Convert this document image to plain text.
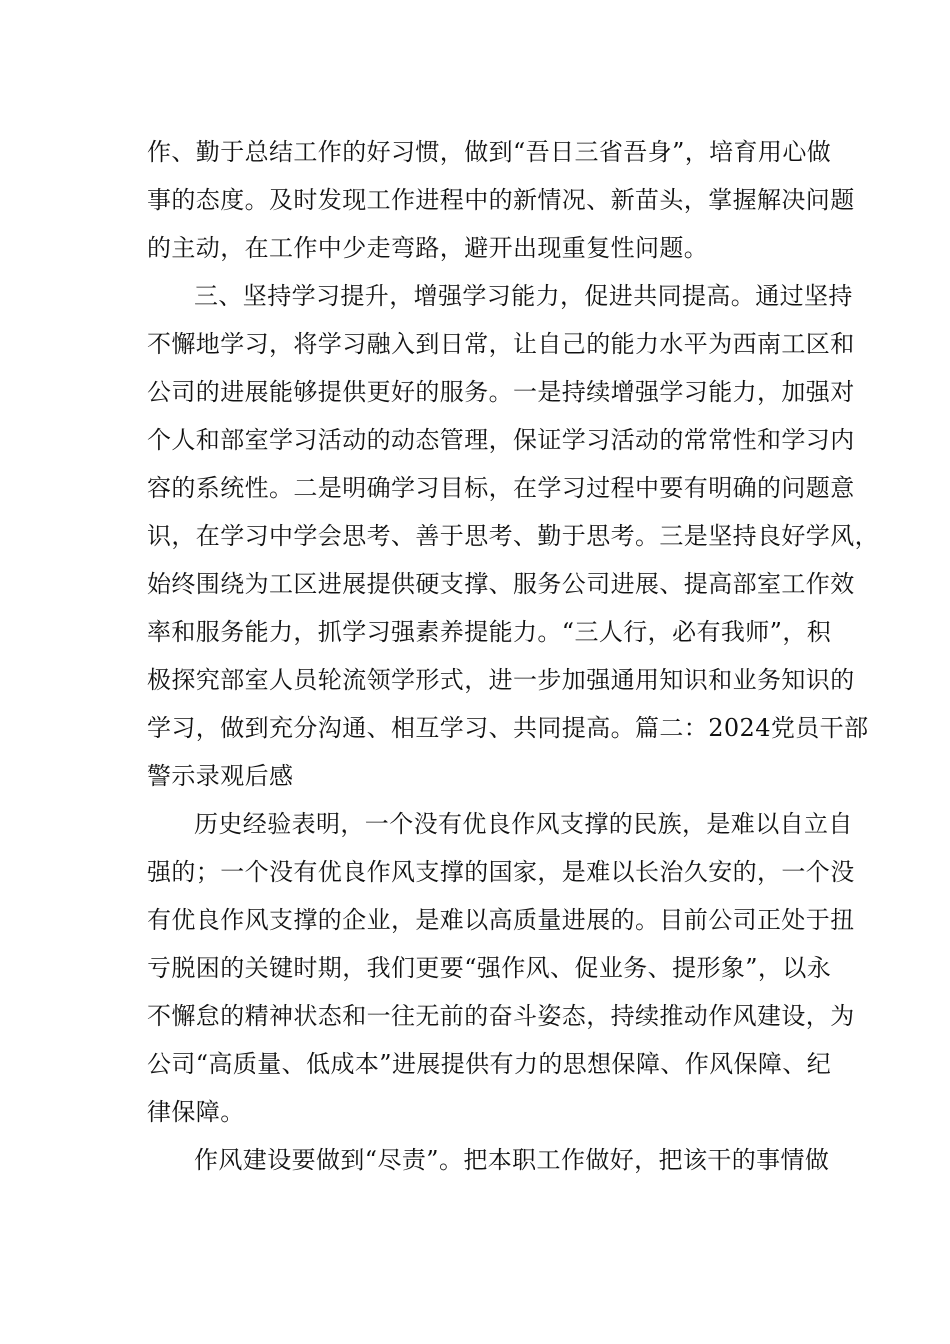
作、勤于总结工作的好习惯，做到“吾日三省吾身”，培育用心做
事的态度。及时发现工作进程中的新情况、新苗头，掌握解决问题
的主动，在工作中少走弯路，避开出现重复性问题。
三、坚持学习提升，增强学习能力，促进共同提高。通过坚持
不懈地学习，将学习融入到日常，让自己的能力水平为西南工区和
公司的进展能够提供更好的服务。一是持续增强学习能力，加强对
个人和部室学习活动的动态管理，保证学习活动的常常性和学习内
容的系统性。二是明确学习目标，在学习过程中要有明确的问题意
识，在学习中学会思考、善于思考、勤于思考。三是坚持良好学风，
始终围绕为工区进展提供硬支撑、服务公司进展、提高部室工作效
率和服务能力，抓学习强素养提能力。“三人行，必有我师”，积
极探究部室人员轮流领学形式，进一步加强通用知识和业务知识的
学习，做到充分沟通、相互学习、共同提高。篇二：2024党员干部
警示录观后感
历史经验表明，一个没有优良作风支撑的民族，是难以自立自
强的；一个没有优良作风支撑的国家，是难以长治久安的，一个没
有优良作风支撑的企业，是难以高质量进展的。目前公司正处于扭
亏脱困的关键时期，我们更要“强作风、促业务、提形象”，以永
不懈怠的精神状态和一往无前的奋斗姿态，持续推动作风建设，为
公司“高质量、低成本”进展提供有力的思想保障、作风保障、纪
律保障。
作风建设要做到“尽责”。把本职工作做好，把该干的事情做
